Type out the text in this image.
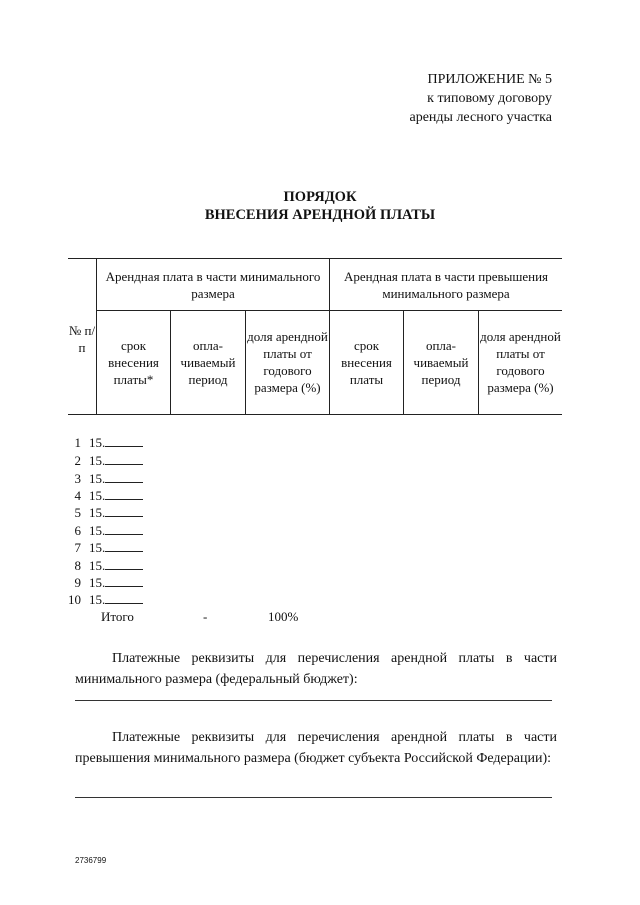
ПРИЛОЖЕНИЕ № 5
к типовому договору
аренды лесного участка
ПОРЯДОК
ВНЕСЕНИЯ АРЕНДНОЙ ПЛАТЫ
№ п/п
Арендная плата в части минимального размера
Арендная плата в части превышения минимального размера
срок внесения платы*
опла- чиваемый период
доля арендной платы от годового размера (%)
срок внесения платы
опла- чиваемый период
доля арендной платы от годового размера (%)
1 15.
2 15.
3 15.
4 15.
5 15.
6 15.
7 15.
8 15.
9 15.
10 15.
Итого	-	100%
Платежные реквизиты для перечисления арендной платы в части минимального размера (федеральный бюджет):
Платежные реквизиты для перечисления арендной платы в части превышения минимального размера (бюджет субъекта Российской Федерации):
2736799
